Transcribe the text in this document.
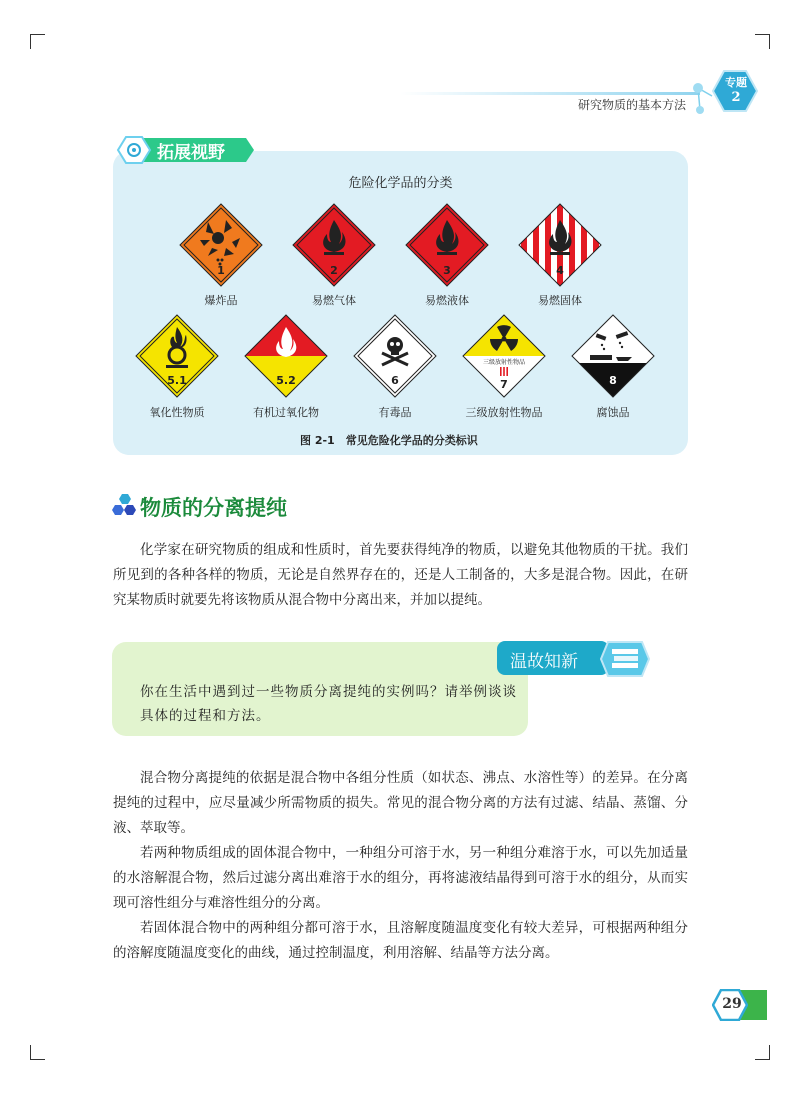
研究物质的基本方法
专题
2
拓展视野
危险化学品的分类
1
爆炸品
2
易燃气体
3
易燃液体
4
易燃固体
5.1
氧化性物质
5.2
有机过氧化物
6
有毒品
三级放射性物品
7
三级放射性物品
8
腐蚀品
图 2-1　常见危险化学品的分类标识
物质的分离提纯

化学家在研究物质的组成和性质时，首先要获得纯净的物质，以避免其他物质的干扰。我们所见到的各种各样的物质，无论是自然界存在的，还是人工制备的，大多是混合物。因此，在研究某物质时就要先将该物质从混合物中分离出来，并加以提纯。

温故知新
你在生活中遇到过一些物质分离提纯的实例吗？请举例谈谈具体的过程和方法。

混合物分离提纯的依据是混合物中各组分性质（如状态、沸点、水溶性等）的差异。在分离提纯的过程中，应尽量减少所需物质的损失。常见的混合物分离的方法有过滤、结晶、蒸馏、分液、萃取等。

若两种物质组成的固体混合物中，一种组分可溶于水，另一种组分难溶于水，可以先加适量的水溶解混合物，然后过滤分离出难溶于水的组分，再将滤液结晶得到可溶于水的组分，从而实现可溶性组分与难溶性组分的分离。

若固体混合物中的两种组分都可溶于水，且溶解度随温度变化有较大差异，可根据两种组分的溶解度随温度变化的曲线，通过控制温度，利用溶解、结晶等方法分离。

29
